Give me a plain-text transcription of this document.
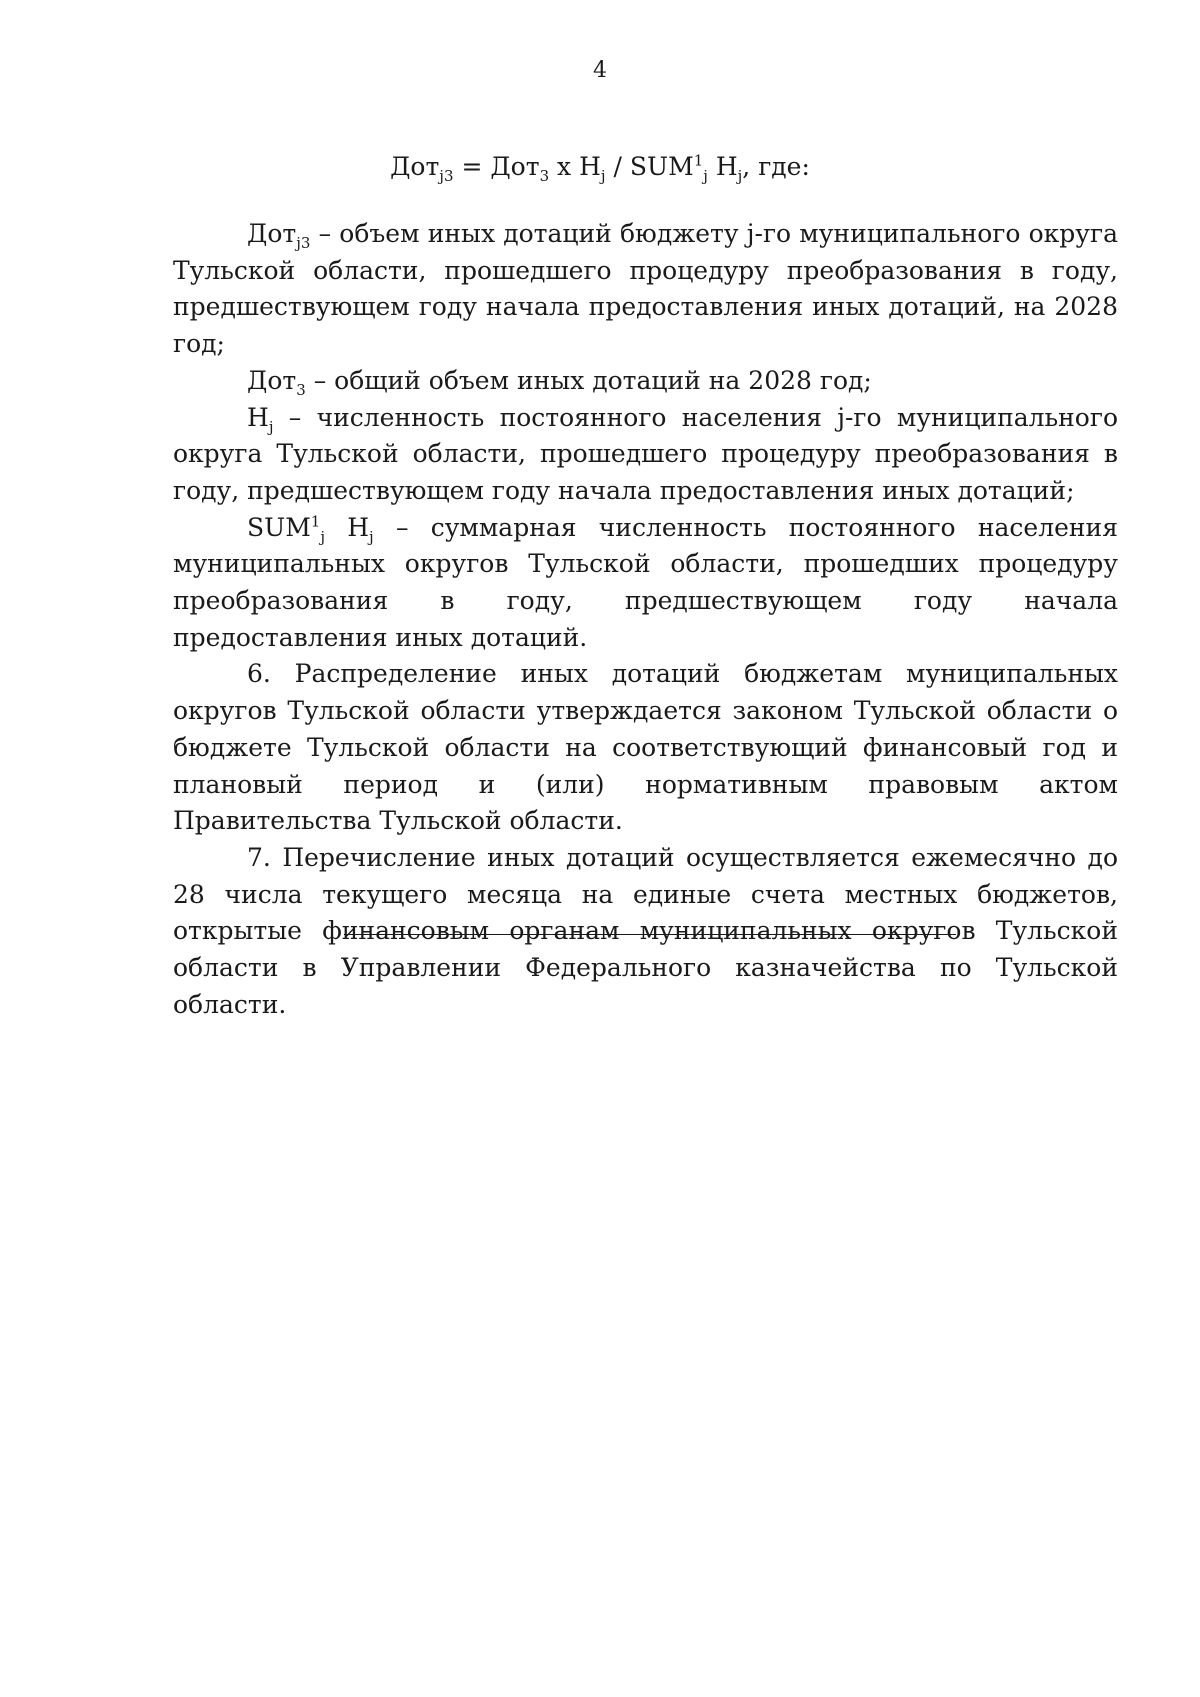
4
Дот$_{j3}$ = Дот$_3$ x $H_j / SUM^1_j$ $H_j$, где:

Дот$_{j3}$ – объем иных дотаций бюджету j-го муниципального округа Тульской области, прошедшего процедуру преобразования в году, предшествующем году начала предоставления иных дотаций, на 2028 год;

Дот$_3$ – общий объем иных дотаций на 2028 год;

$H_j$ – численность постоянного населения j-го муниципального округа Тульской области, прошедшего процедуру преобразования в году, предшествующем году начала предоставления иных дотаций;

$SUM^1_j$ $H_j$ – суммарная численность постоянного населения муниципальных округов Тульской области, прошедших процедуру преобразования в году, предшествующем году начала предоставления иных дотаций.

6. Распределение иных дотаций бюджетам муниципальных округов Тульской области утверждается законом Тульской области о бюджете Тульской области на соответствующий финансовый год и плановый период и (или) нормативным правовым актом Правительства Тульской области.

7. Перечисление иных дотаций осуществляется ежемесячно до 28 числа текущего месяца на единые счета местных бюджетов, открытые финансовым органам муниципальных округов Тульской области в Управлении Федерального казначейства по Тульской области.
